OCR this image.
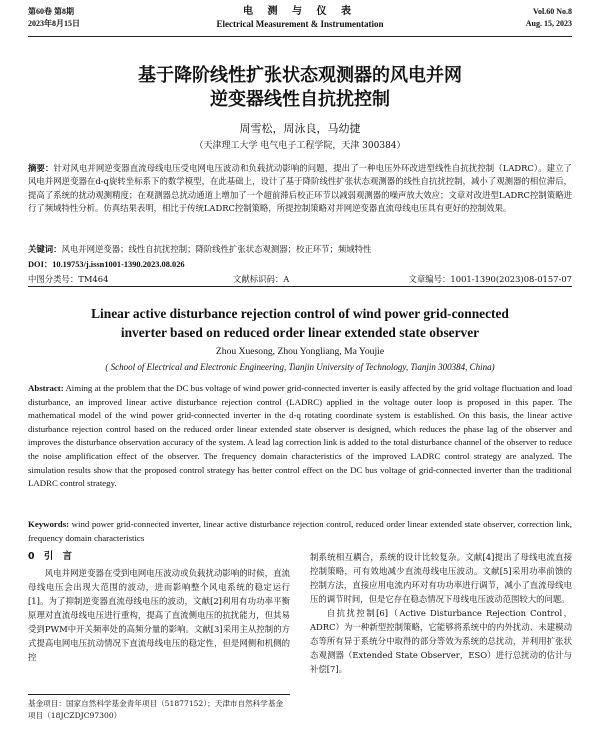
第60卷 第8期
2023年8月15日
电 测 与 仪 表
Electrical Measurement & Instrumentation
Vol.60 No.8
Aug. 15, 2023
基于降阶线性扩张状态观测器的风电并网
逆变器线性自抗扰控制
周雪松，周泳良，马幼捷
（天津理工大学 电气电子工程学院，天津 300384）
摘要：针对风电并网逆变器直流母线电压受电网电压波动和负载扰动影响的问题，提出了一种电压外环改进型线性自抗扰控制（LADRC）。建立了风电并网逆变器在d-q旋转坐标系下的数学模型，在此基础上，设计了基于降阶线性扩张状态观测器的线性自抗扰控制，减小了观测器的相位滞后，提高了系统的扰动观测精度；在观测器总扰动通道上增加了一个超前滞后校正环节以减弱观测器的噪声放大效应；文章对改进型LADRC控制策略进行了频域特性分析。仿真结果表明，相比于传统LADRC控制策略，所提控制策略对并网逆变器直流母线电压具有更好的控制效果。
关键词：风电并网逆变器；线性自抗扰控制；降阶线性扩张状态观测器；校正环节；频域特性
DOI：10.19753/j.issn1001-1390.2023.08.026
中图分类号：TM464	文献标识码：A	文章编号：1001-1390(2023)08-0157-07
Linear active disturbance rejection control of wind power grid-connected
inverter based on reduced order linear extended state observer
Zhou Xuesong, Zhou Yongliang, Ma Youjie
( School of Electrical and Electronic Engineering, Tianjin University of Technology, Tianjin 300384, China)
Abstract: Aiming at the problem that the DC bus voltage of wind power grid-connected inverter is easily affected by the grid voltage fluctuation and load disturbance, an improved linear active disturbance rejection control (LADRC) applied in the voltage outer loop is proposed in this paper. The mathematical model of the wind power grid-connected inverter in the d-q rotating coordinate system is established. On this basis, the linear active disturbance rejection control based on the reduced order linear extended state observer is designed, which reduces the phase lag of the observer and improves the disturbance observation accuracy of the system. A lead lag correction link is added to the total disturbance channel of the observer to reduce the noise amplification effect of the observer. The frequency domain characteristics of the improved LADRC control strategy are analyzed. The simulation results show that the proposed control strategy has better control effect on the DC bus voltage of grid-connected inverter than the traditional LADRC control strategy.
Keywords: wind power grid-connected inverter, linear active disturbance rejection control, reduced order linear extended state observer, correction link, frequency domain characteristics
0　引　言

风电并网逆变器在受到电网电压波动或负载扰动影响的时候，直流母线电压会出现大范围的波动，进而影响整个风电系统的稳定运行[1]。为了抑制逆变器直流母线电压的波动，文献[2]利用有功功率平衡原理对直流母线电压进行重构，提高了直流侧电压的抗扰能力，但其易受到PWM中开关频率处的高频分量的影响。文献[3]采用主从控制的方式提高电网电压抗动情况下直流母线电压的稳定性，但是网侧和机侧的控

制系统相互耦合，系统的设计比较复杂。文献[4]提出了母线电流直接控制策略，可有效地减少直流母线电压波动。文献[5]采用功率前馈的控制方法，直接应用电流内环对有功功率进行调节，减小了直流母线电压的调节时间，但是它存在稳态情况下母线电压波动范围较大的问题。

自抗扰控制[6]（Active Disturbance Rejection Control，ADRC）为一种新型控制策略，它能够将系统中的内外扰动、未建模动态等所有异于系统分中取得的部分等效为系统的总扰动，并利用扩张状态观测器（Extended State Observer，ESO）进行总扰动的估计与补偿[7]。

基金项目：国家自然科学基金青年项目（51877152）；天津市自然科学基金项目（18JCZDJC97300）
